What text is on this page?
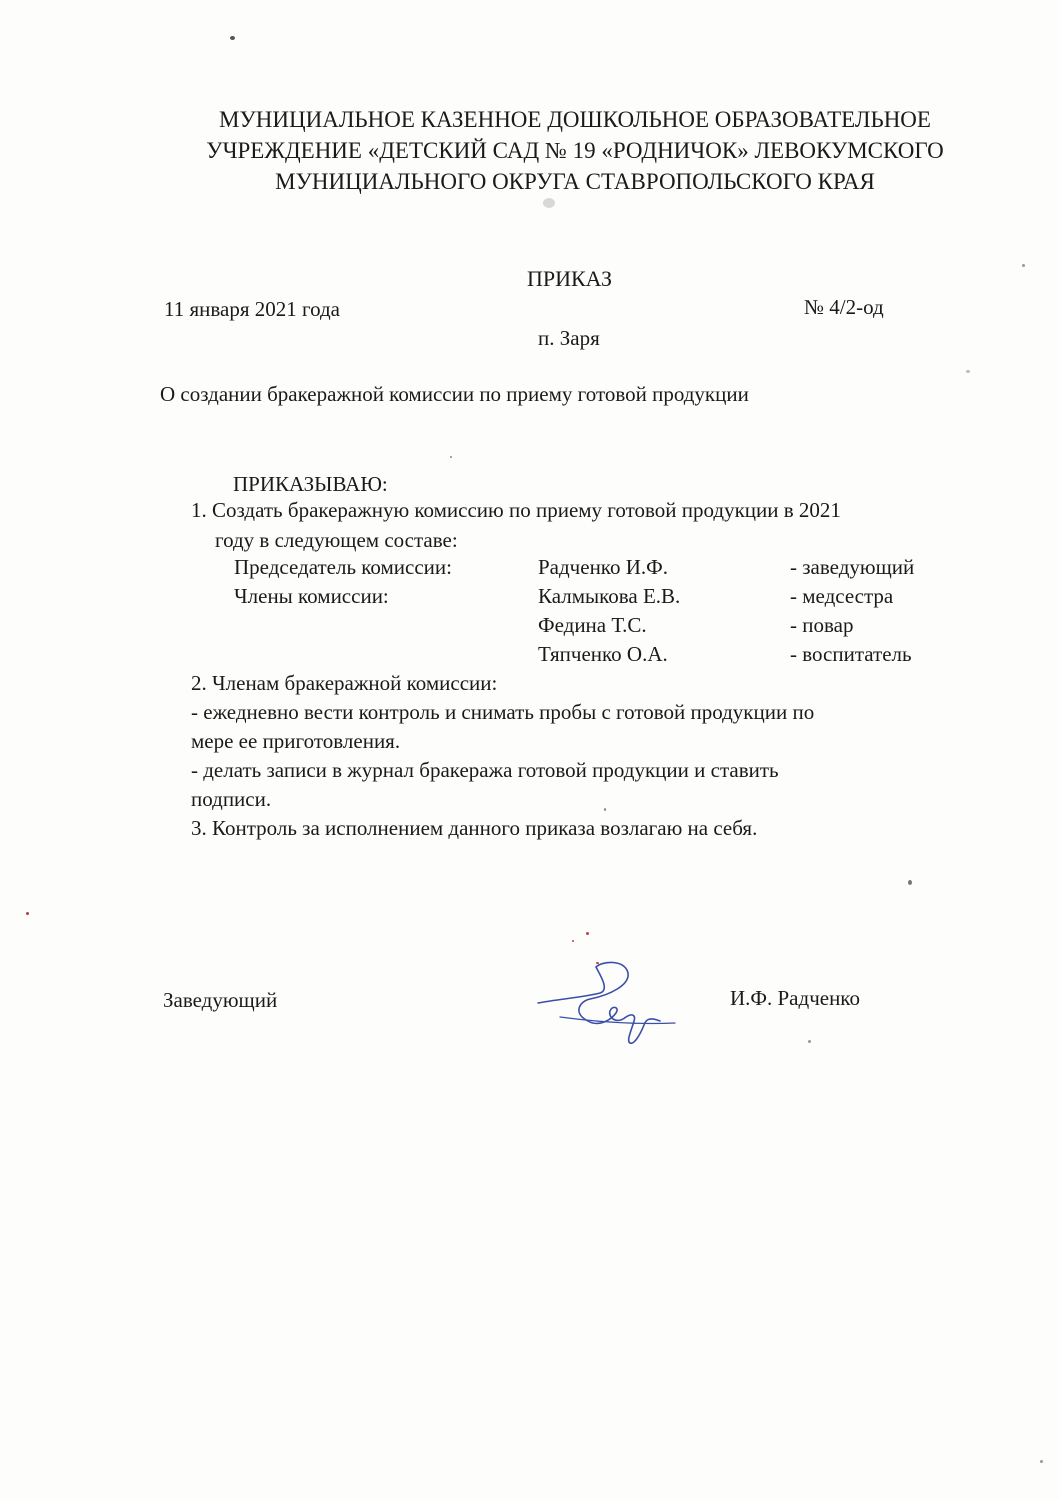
МУНИЦИАЛЬНОЕ КАЗЕННОЕ ДОШКОЛЬНОЕ ОБРАЗОВАТЕЛЬНОЕ
УЧРЕЖДЕНИЕ «ДЕТСКИЙ САД № 19 «РОДНИЧОК» ЛЕВОКУМСКОГО
МУНИЦИАЛЬНОГО ОКРУГА СТАВРОПОЛЬСКОГО КРАЯ
ПРИКАЗ
11 января 2021 года	№ 4/2-од
п. Заря
О создании бракеражной комиссии по приему готовой продукции
ПРИКАЗЫВАЮ:
1. Создать бракеражную комиссию по приему готовой продукции в 2021
году в следующем составе:
Председатель комиссии:	Радченко И.Ф.	- заведующий
Члены комиссии:	Калмыкова Е.В.	- медсестра
Федина Т.С.	- повар
Тяпченко О.А.	- воспитатель
2. Членам бракеражной комиссии:
- ежедневно вести контроль и снимать пробы с готовой продукции по
мере ее приготовления.
- делать записи в журнал бракеража готовой продукции и ставить
подписи.
3. Контроль за исполнением данного приказа возлагаю на себя.
Заведующий	И.Ф. Радченко
